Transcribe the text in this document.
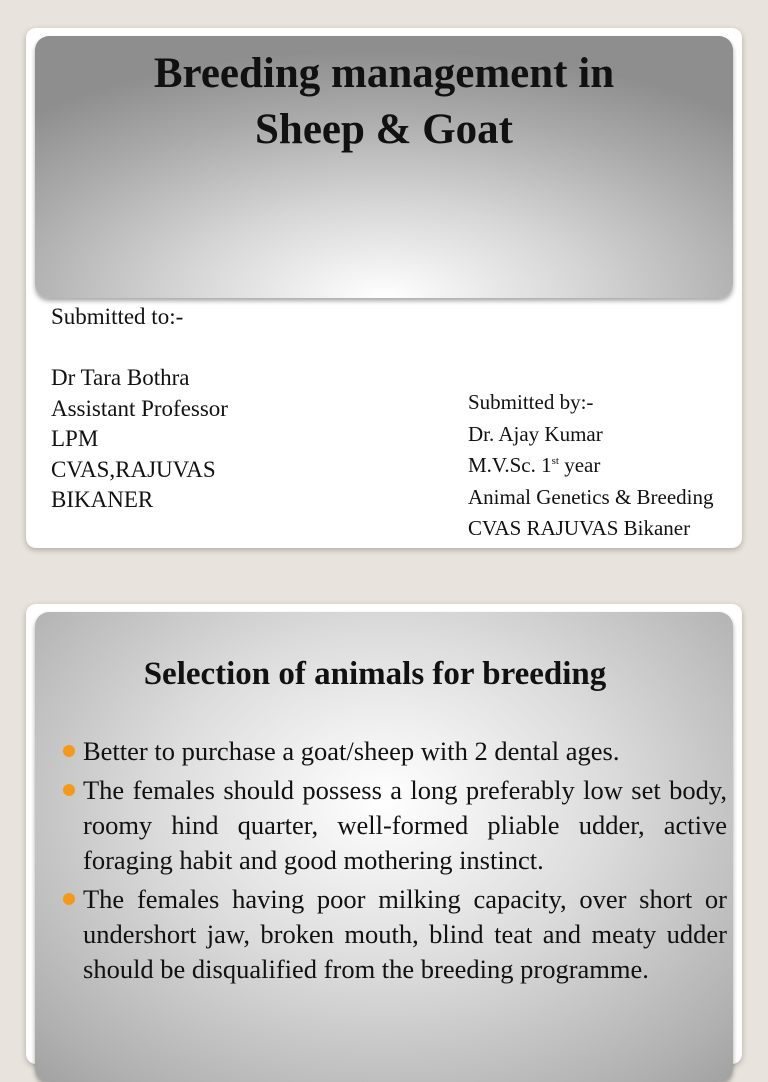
Breeding management in
Sheep & Goat
Submitted to:-
Dr Tara Bothra
Assistant Professor
LPM
CVAS,RAJUVAS
BIKANER
Submitted by:-
Dr. Ajay Kumar
M.V.Sc. 1st year
Animal Genetics & Breeding
CVAS RAJUVAS Bikaner
Selection of animals for breeding
Better to purchase a goat/sheep with 2 dental ages.
The females should possess a long preferably low set body, roomy hind quarter, well-formed pliable udder, active foraging habit and good mothering instinct.
The females having poor milking capacity, over short or undershort jaw, broken mouth, blind teat and meaty udder should be disqualified from the breeding programme.
